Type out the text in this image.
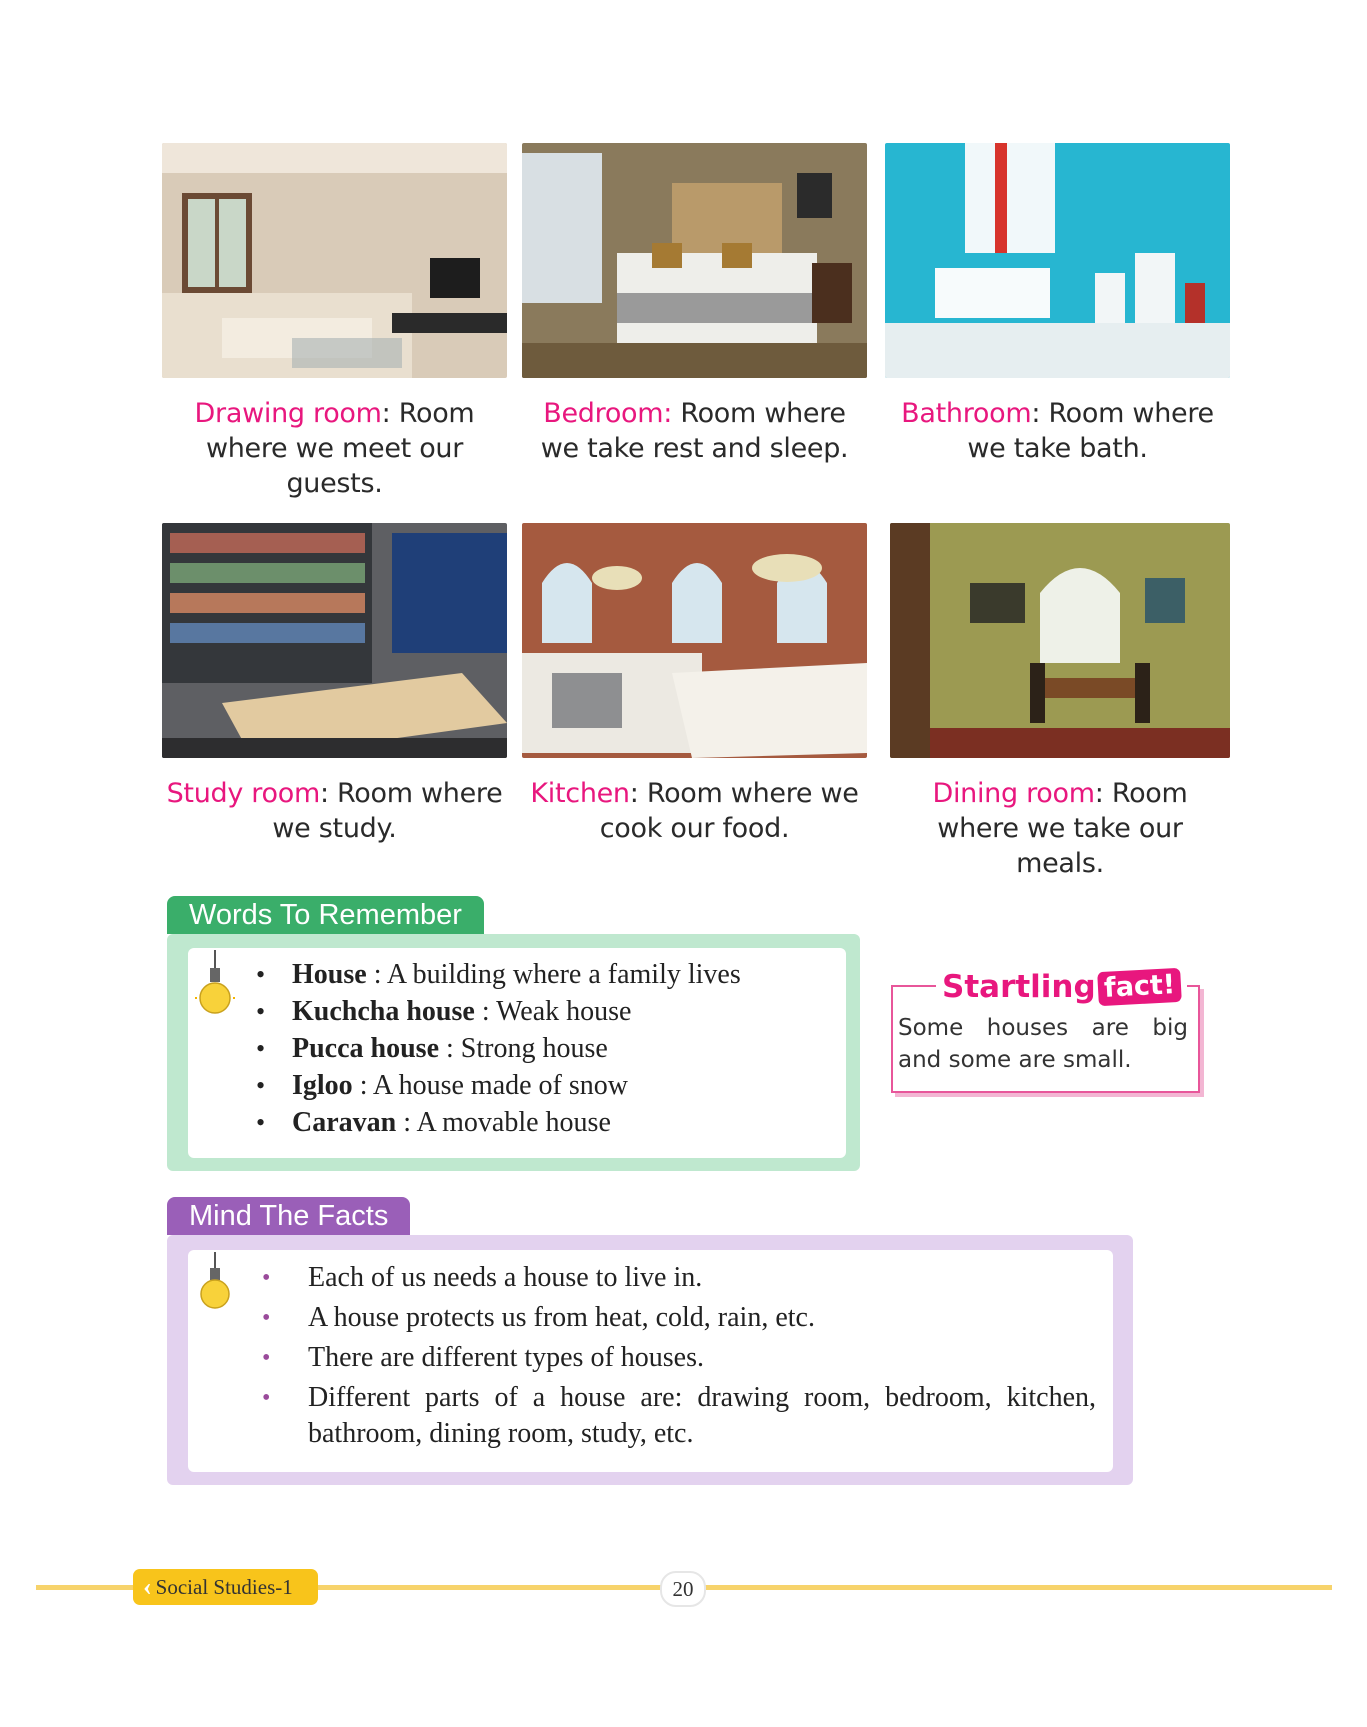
Drawing room: Room where we meet our guests.
Bedroom: Room where we take rest and sleep.
Bathroom: Room where we take bath.
Study room: Room where we study.
Kitchen: Room where we cook our food.
Dining room: Room where we take our meals.
Words To Remember
• House : A building where a family lives
• Kuchcha house : Weak house
• Pucca house : Strong house
• Igloo : A house made of snow
• Caravan : A movable house
Startling fact!
Some houses are big and some are small.
Mind The Facts
• Each of us needs a house to live in.
• A house protects us from heat, cold, rain, etc.
• There are different types of houses.
• Different parts of a house are: drawing room, bedroom, kitchen, bathroom, dining room, study, etc.
‹ Social Studies-1	20
